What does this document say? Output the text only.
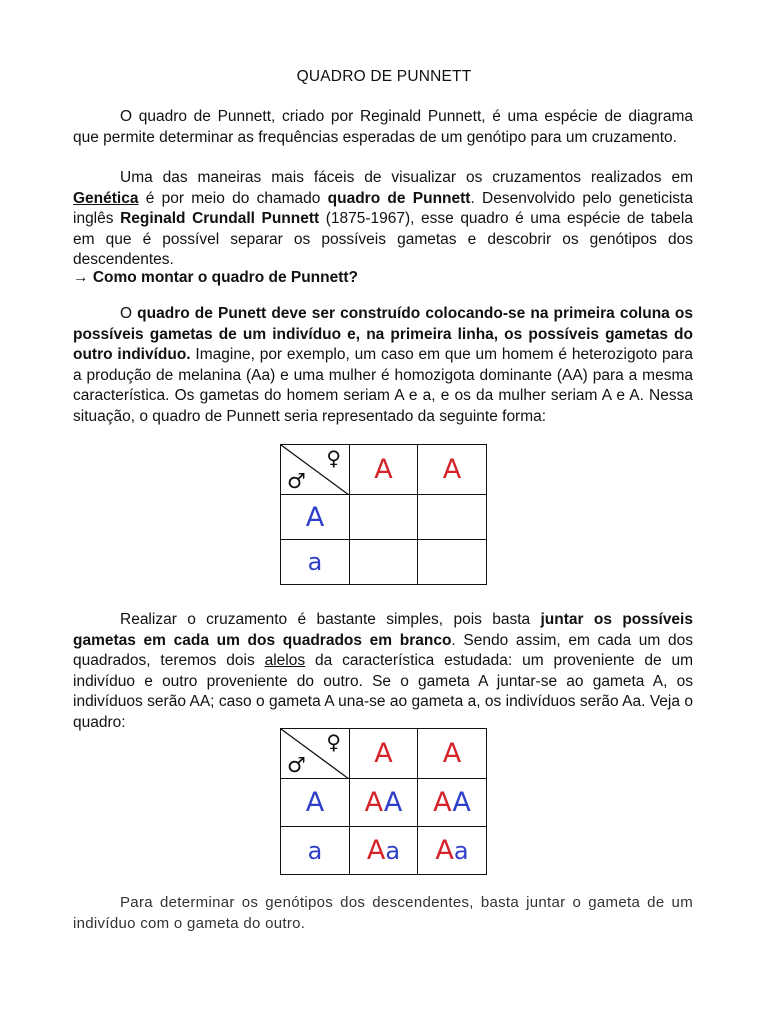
QUADRO DE PUNNETT
O quadro de Punnett, criado por Reginald Punnett, é uma espécie de diagrama que permite determinar as frequências esperadas de um genótipo para um cruzamento.
Uma das maneiras mais fáceis de visualizar os cruzamentos realizados em Genética é por meio do chamado quadro de Punnett. Desenvolvido pelo geneticista inglês Reginald Crundall Punnett (1875-1967), esse quadro é uma espécie de tabela em que é possível separar os possíveis gametas e descobrir os genótipos dos descendentes.
→ Como montar o quadro de Punnett?
O quadro de Punett deve ser construído colocando-se na primeira coluna os possíveis gametas de um indivíduo e, na primeira linha, os possíveis gametas do outro indivíduo. Imagine, por exemplo, um caso em que um homem é heterozigoto para a produção de melanina (Aa) e uma mulher é homozigota dominante (AA) para a mesma característica. Os gametas do homem seriam A e a, e os da mulher seriam A e A. Nessa situação, o quadro de Punnett seria representado da seguinte forma:
♀
♂	A	A
A		
a		
Realizar o cruzamento é bastante simples, pois basta juntar os possíveis gametas em cada um dos quadrados em branco. Sendo assim, em cada um dos quadrados, teremos dois alelos da característica estudada: um proveniente de um indivíduo e outro proveniente do outro. Se o gameta A juntar-se ao gameta A, os indivíduos serão AA; caso o gameta A una-se ao gameta a, os indivíduos serão Aa. Veja o quadro:
♀
♂	A	A
A	AA	AA
a	Aa	Aa
Para determinar os genótipos dos descendentes, basta juntar o gameta de um indivíduo com o gameta do outro.
